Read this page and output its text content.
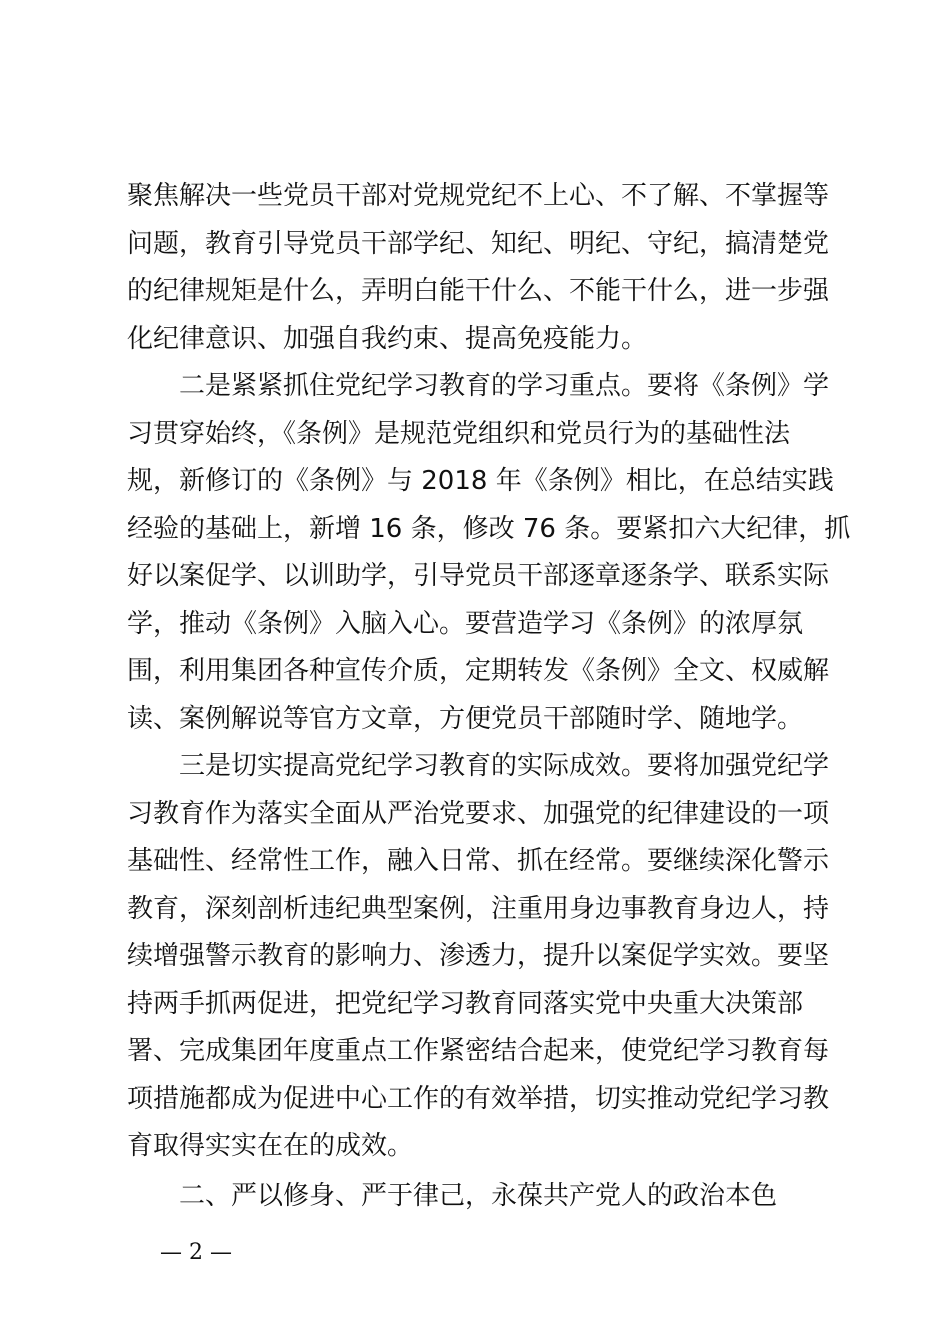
聚焦解决一些党员干部对党规党纪不上心、不了解、不掌握等
问题，教育引导党员干部学纪、知纪、明纪、守纪，搞清楚党
的纪律规矩是什么，弄明白能干什么、不能干什么，进一步强
化纪律意识、加强自我约束、提高免疫能力。
　　二是紧紧抓住党纪学习教育的学习重点。要将《条例》学
习贯穿始终，《条例》是规范党组织和党员行为的基础性法
规，新修订的《条例》与 2018 年《条例》相比，在总结实践
经验的基础上，新增 16 条，修改 76 条。要紧扣六大纪律，抓
好以案促学、以训助学，引导党员干部逐章逐条学、联系实际
学，推动《条例》入脑入心。要营造学习《条例》的浓厚氛
围，利用集团各种宣传介质，定期转发《条例》全文、权威解
读、案例解说等官方文章，方便党员干部随时学、随地学。
　　三是切实提高党纪学习教育的实际成效。要将加强党纪学
习教育作为落实全面从严治党要求、加强党的纪律建设的一项
基础性、经常性工作，融入日常、抓在经常。要继续深化警示
教育，深刻剖析违纪典型案例，注重用身边事教育身边人，持
续增强警示教育的影响力、渗透力，提升以案促学实效。要坚
持两手抓两促进，把党纪学习教育同落实党中央重大决策部
署、完成集团年度重点工作紧密结合起来，使党纪学习教育每
项措施都成为促进中心工作的有效举措，切实推动党纪学习教
育取得实实在在的成效。
　　二、严以修身、严于律己，永葆共产党人的政治本色
— 2 —
